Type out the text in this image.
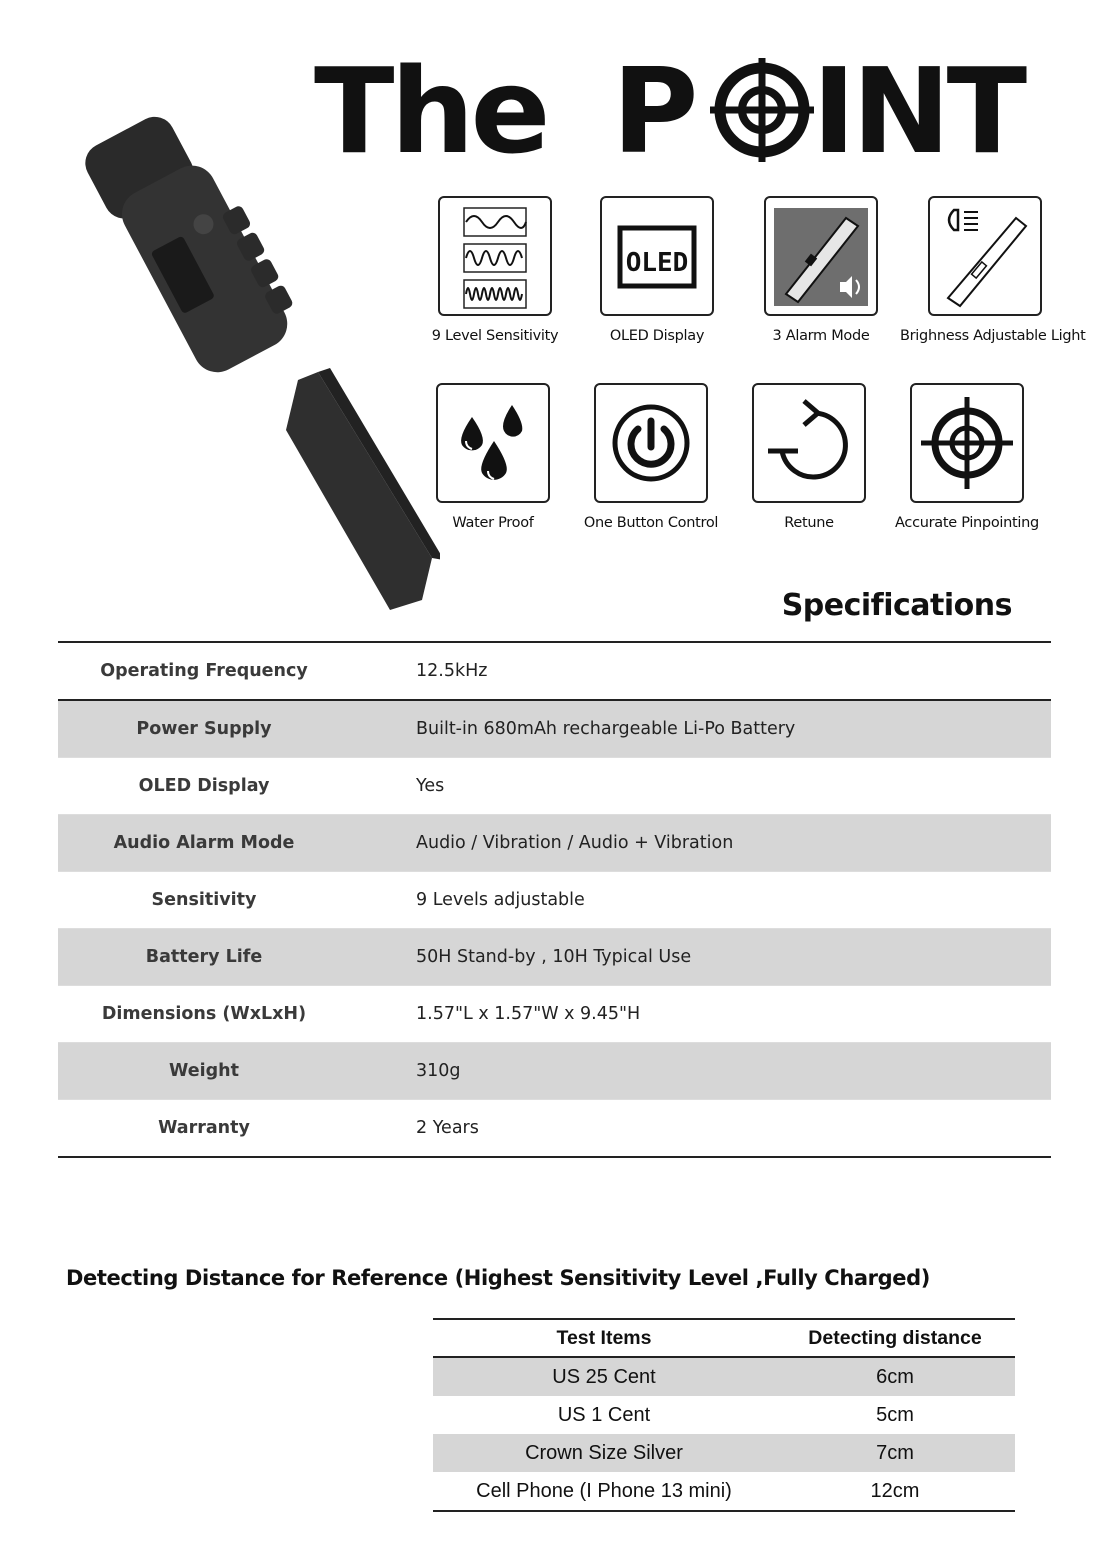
The P INT
9 Level Sensitivity
OLED
OLED Display	3 Alarm Mode	Brighness Adjustable Light
Water Proof	One Button Control	Retune	Accurate Pinpointing
Specifications
Operating Frequency		12.5kHz
Power Supply		Built-in 680mAh rechargeable Li-Po Battery
OLED Display		Yes
Audio Alarm Mode		Audio / Vibration / Audio + Vibration
Sensitivity		9 Levels adjustable
Battery Life		50H Stand-by , 10H Typical Use
Dimensions (WxLxH)		1.57"L x 1.57"W x 9.45"H
Weight		310g
Warranty		2 Years
Detecting Distance for Reference (Highest Sensitivity Level ,Fully Charged)
Test Items	Detecting distance
US 25 Cent	6cm
US 1 Cent	5cm
Crown Size Silver	7cm
Cell Phone (I Phone 13 mini)	12cm
